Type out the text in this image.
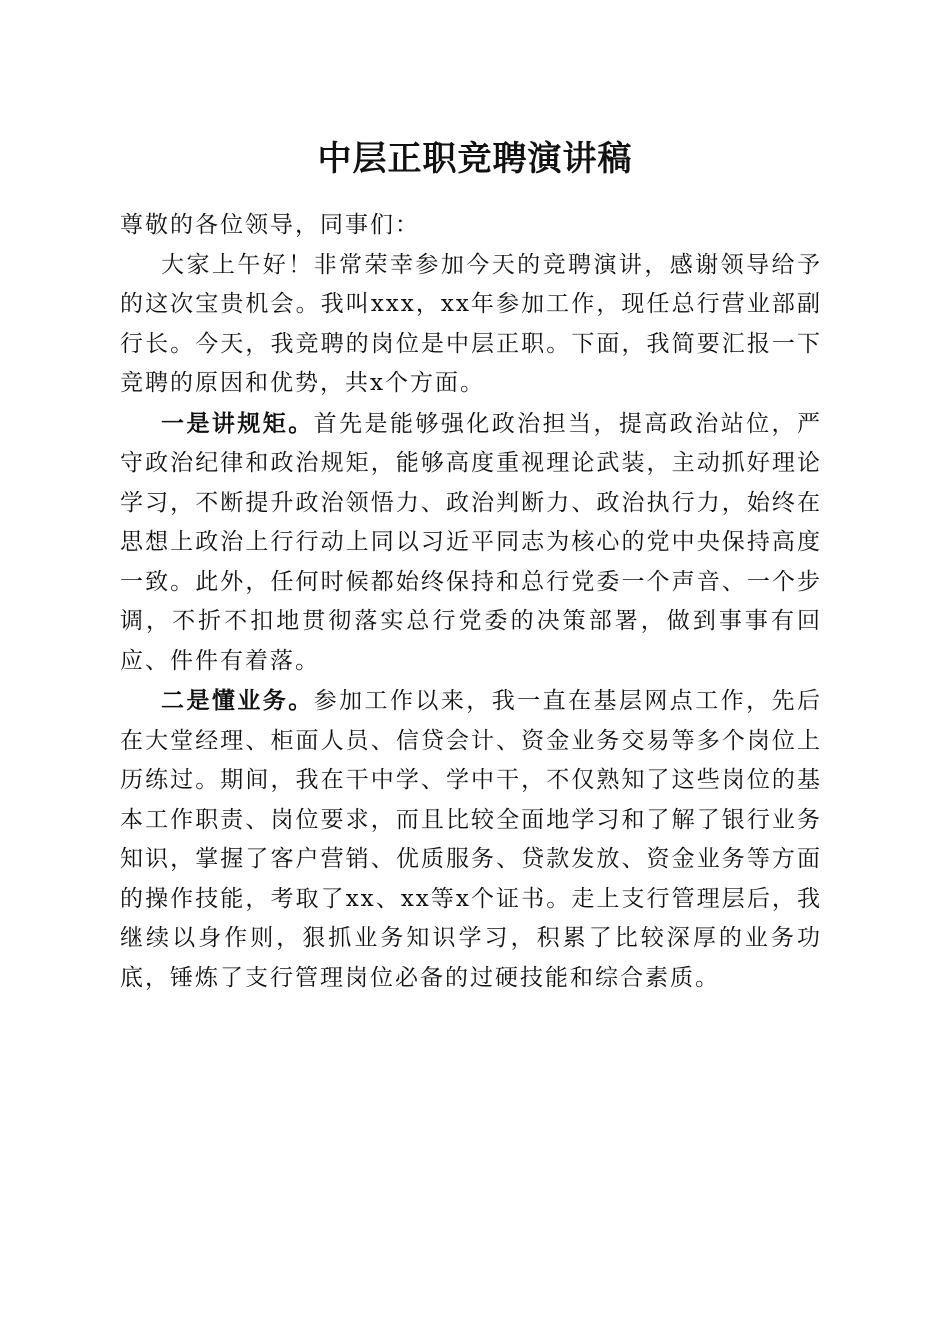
中层正职竞聘演讲稿

尊敬的各位领导，同事们：

大家上午好！非常荣幸参加今天的竞聘演讲，感谢领导给予的这次宝贵机会。我叫xxx，xx年参加工作，现任总行营业部副行长。今天，我竞聘的岗位是中层正职。下面，我简要汇报一下竞聘的原因和优势，共x个方面。

一是讲规矩。首先是能够强化政治担当，提高政治站位，严守政治纪律和政治规矩，能够高度重视理论武装，主动抓好理论学习，不断提升政治领悟力、政治判断力、政治执行力，始终在思想上政治上行行动上同以习近平同志为核心的党中央保持高度一致。此外，任何时候都始终保持和总行党委一个声音、一个步调，不折不扣地贯彻落实总行党委的决策部署，做到事事有回应、件件有着落。

二是懂业务。参加工作以来，我一直在基层网点工作，先后在大堂经理、柜面人员、信贷会计、资金业务交易等多个岗位上历练过。期间，我在干中学、学中干，不仅熟知了这些岗位的基本工作职责、岗位要求，而且比较全面地学习和了解了银行业务知识，掌握了客户营销、优质服务、贷款发放、资金业务等方面的操作技能，考取了xx、xx等x个证书。走上支行管理层后，我继续以身作则，狠抓业务知识学习，积累了比较深厚的业务功底，锤炼了支行管理岗位必备的过硬技能和综合素质。
